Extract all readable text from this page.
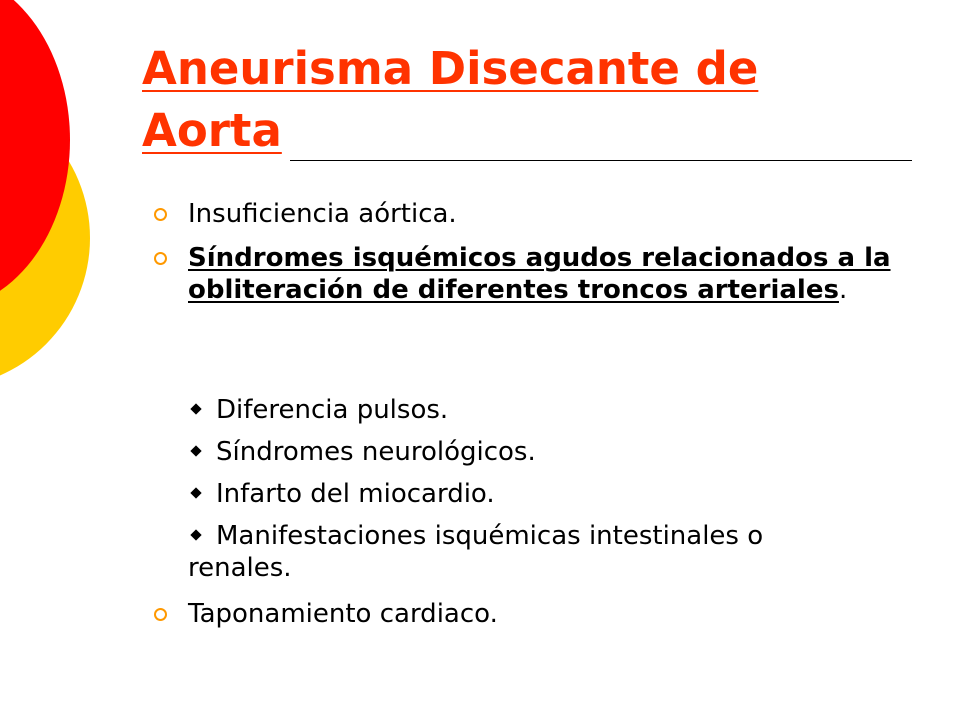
Aneurisma Disecante de Aorta
Insuficiencia aórtica.
Síndromes isquémicos agudos relacionados a la obliteración de diferentes troncos arteriales.
Diferencia pulsos.
Síndromes neurológicos.
Infarto del miocardio.
Manifestaciones isquémicas intestinales o renales.
Taponamiento cardiaco.
